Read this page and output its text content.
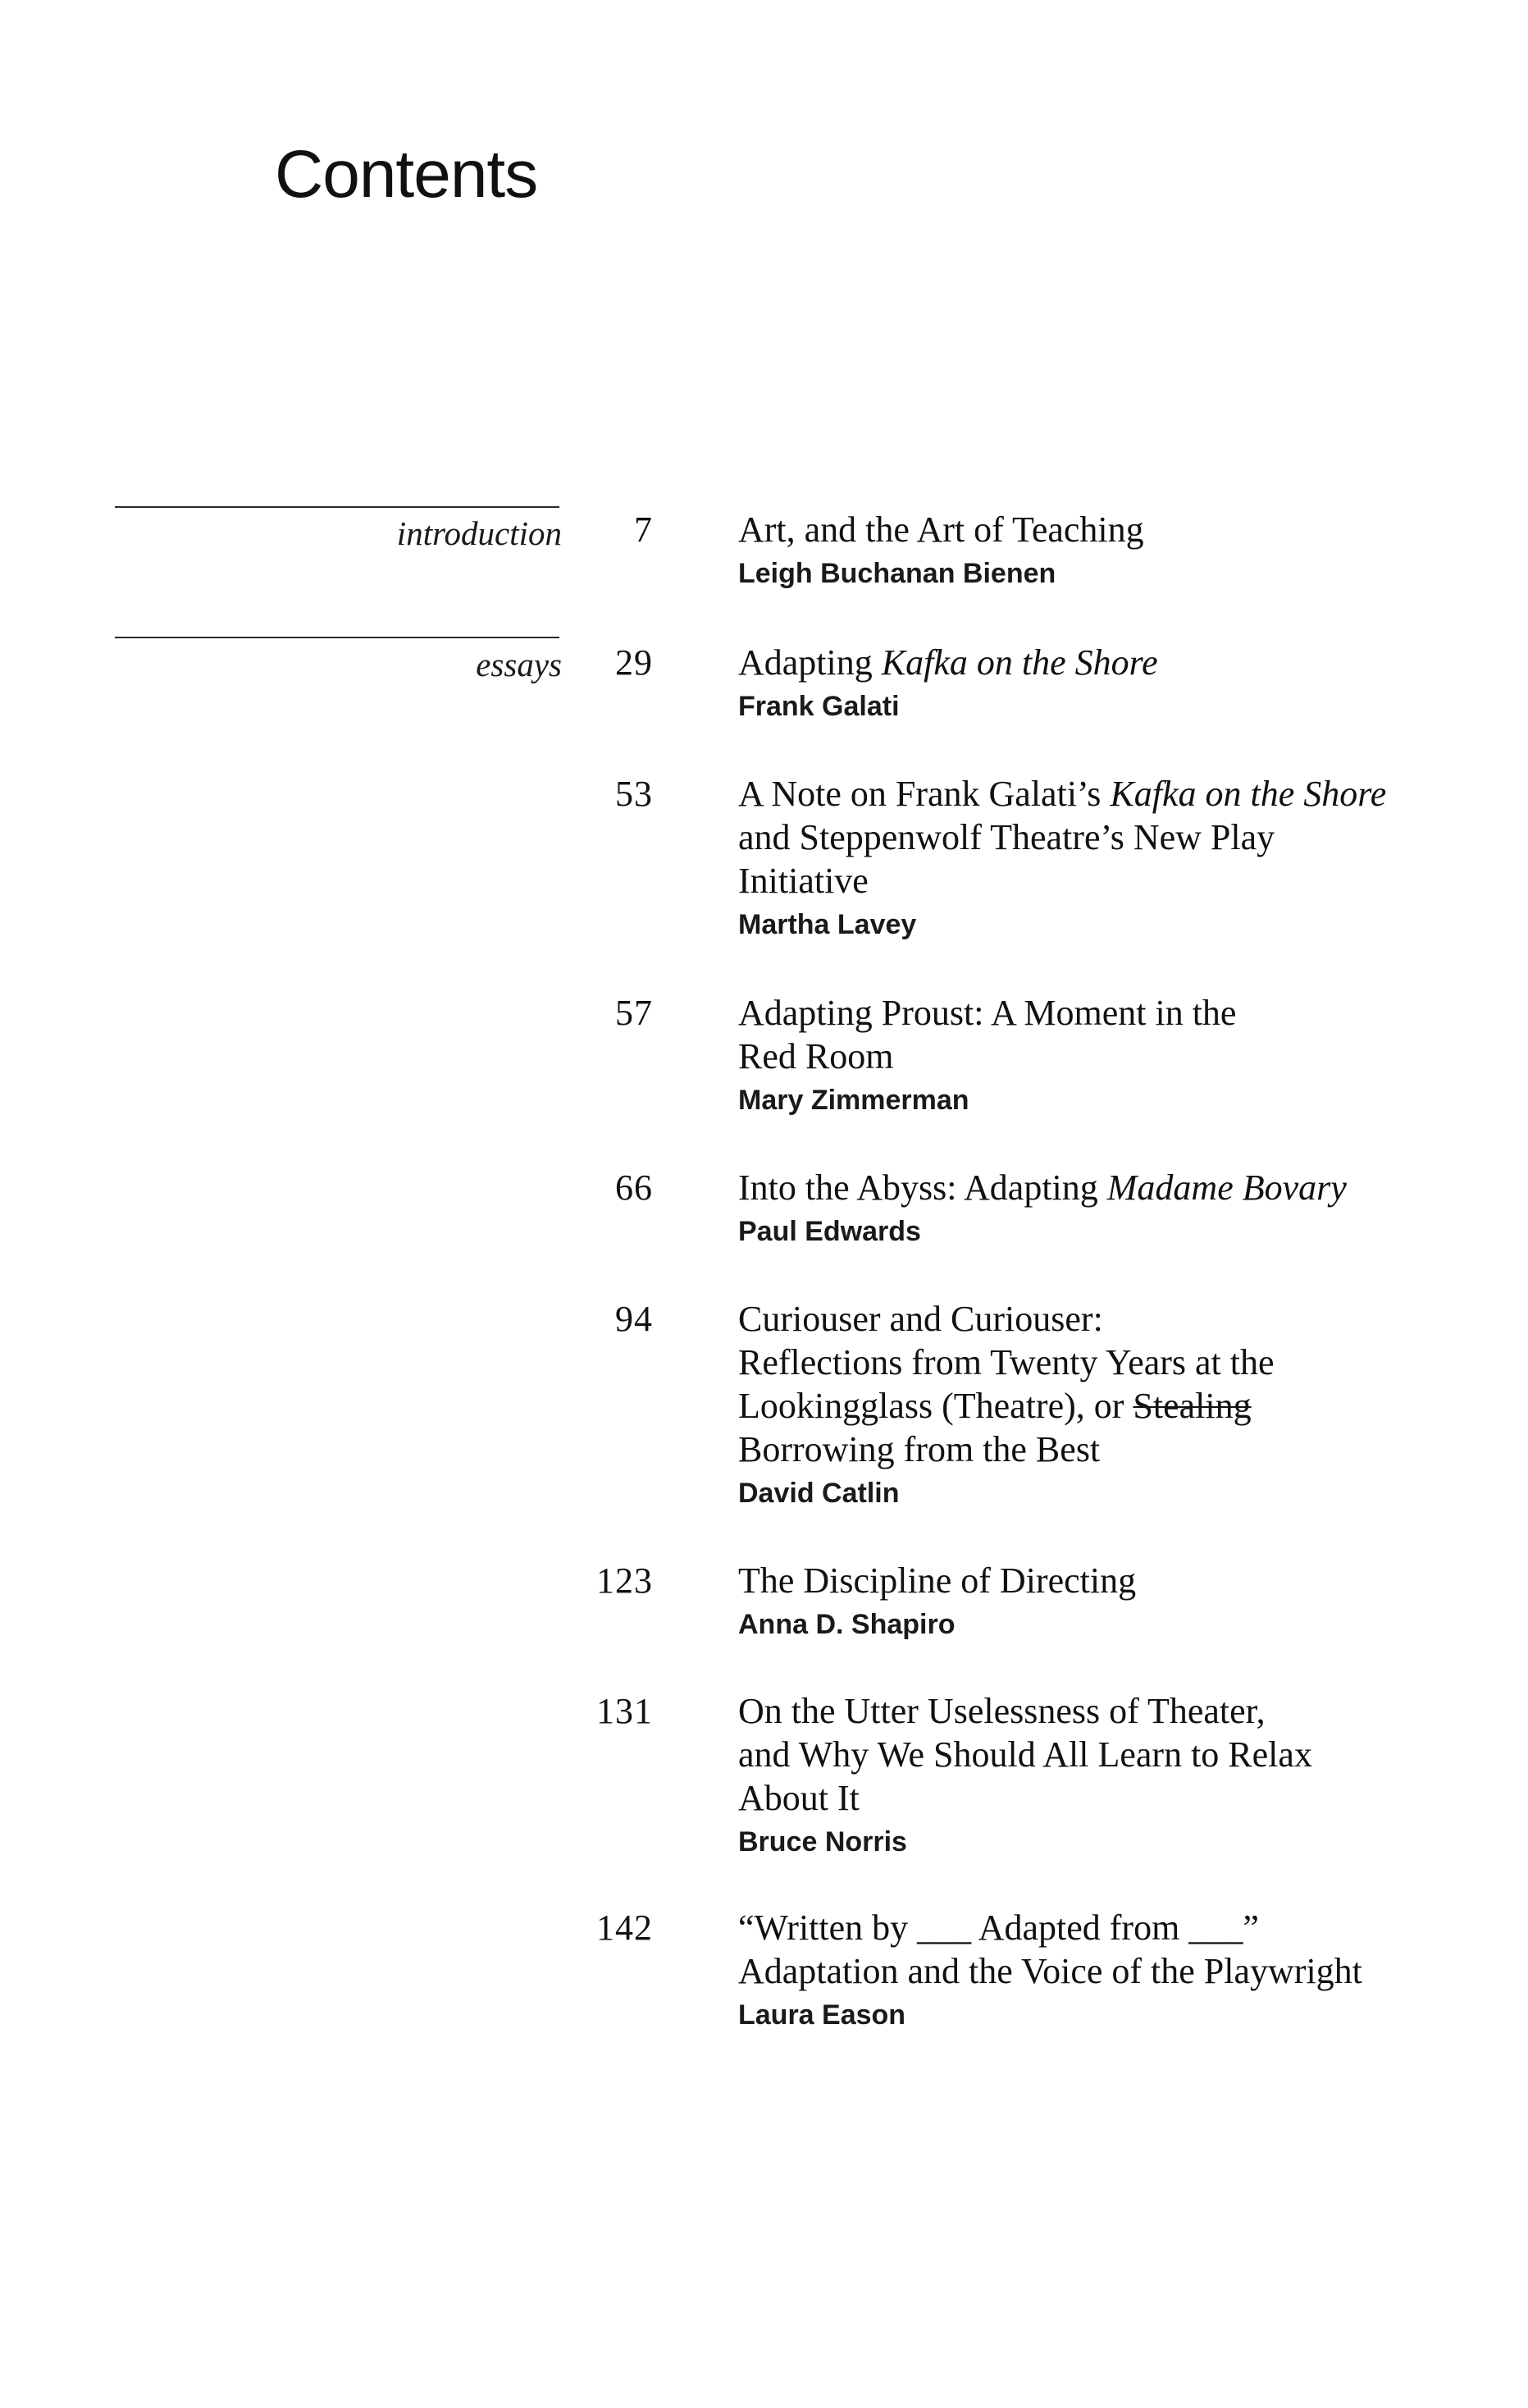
Contents
introduction
essays
7 Art, and the Art of Teaching
Leigh Buchanan Bienen
29 Adapting Kafka on the Shore
Frank Galati
53 A Note on Frank Galati’s Kafka on the Shore
and Steppenwolf Theatre’s New Play
Initiative
Martha Lavey
57 Adapting Proust: A Moment in the
Red Room
Mary Zimmerman
66 Into the Abyss: Adapting Madame Bovary
Paul Edwards
94 Curiouser and Curiouser:
Reflections from Twenty Years at the
Lookingglass (Theatre), or Stealing
Borrowing from the Best
David Catlin
123 The Discipline of Directing
Anna D. Shapiro
131 On the Utter Uselessness of Theater,
and Why We Should All Learn to Relax
About It
Bruce Norris
142 “Written by ___ Adapted from ___”
Adaptation and the Voice of the Playwright
Laura Eason
